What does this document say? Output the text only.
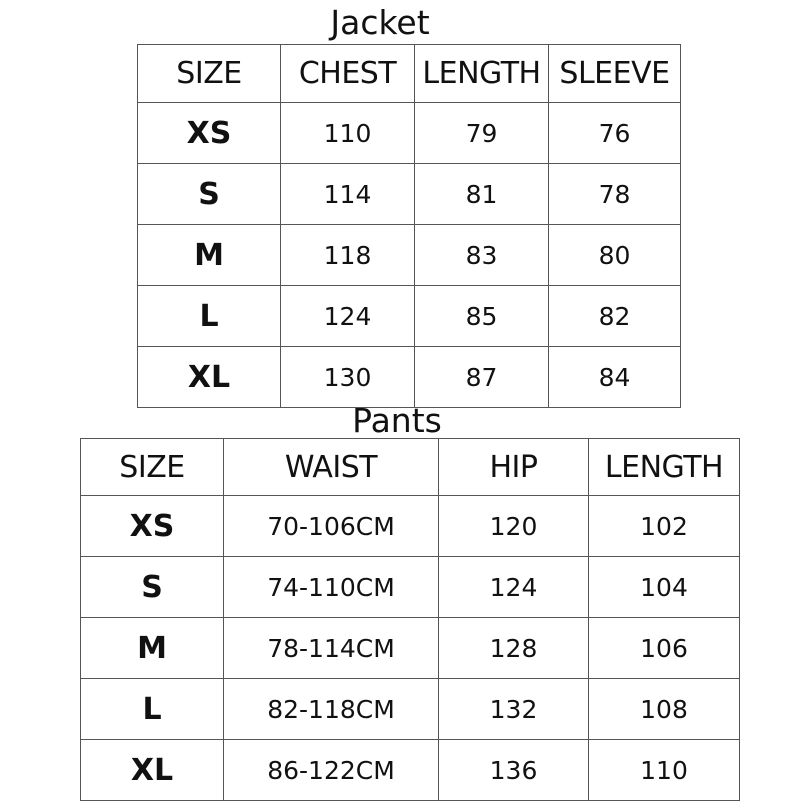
Jacket
SIZE	CHEST	LENGTH	SLEEVE
XS	110	79	76
S	114	81	78
M	118	83	80
L	124	85	82
XL	130	87	84
Pants
SIZE	WAIST	HIP	LENGTH
XS	70-106CM	120	102
S	74-110CM	124	104
M	78-114CM	128	106
L	82-118CM	132	108
XL	86-122CM	136	110
